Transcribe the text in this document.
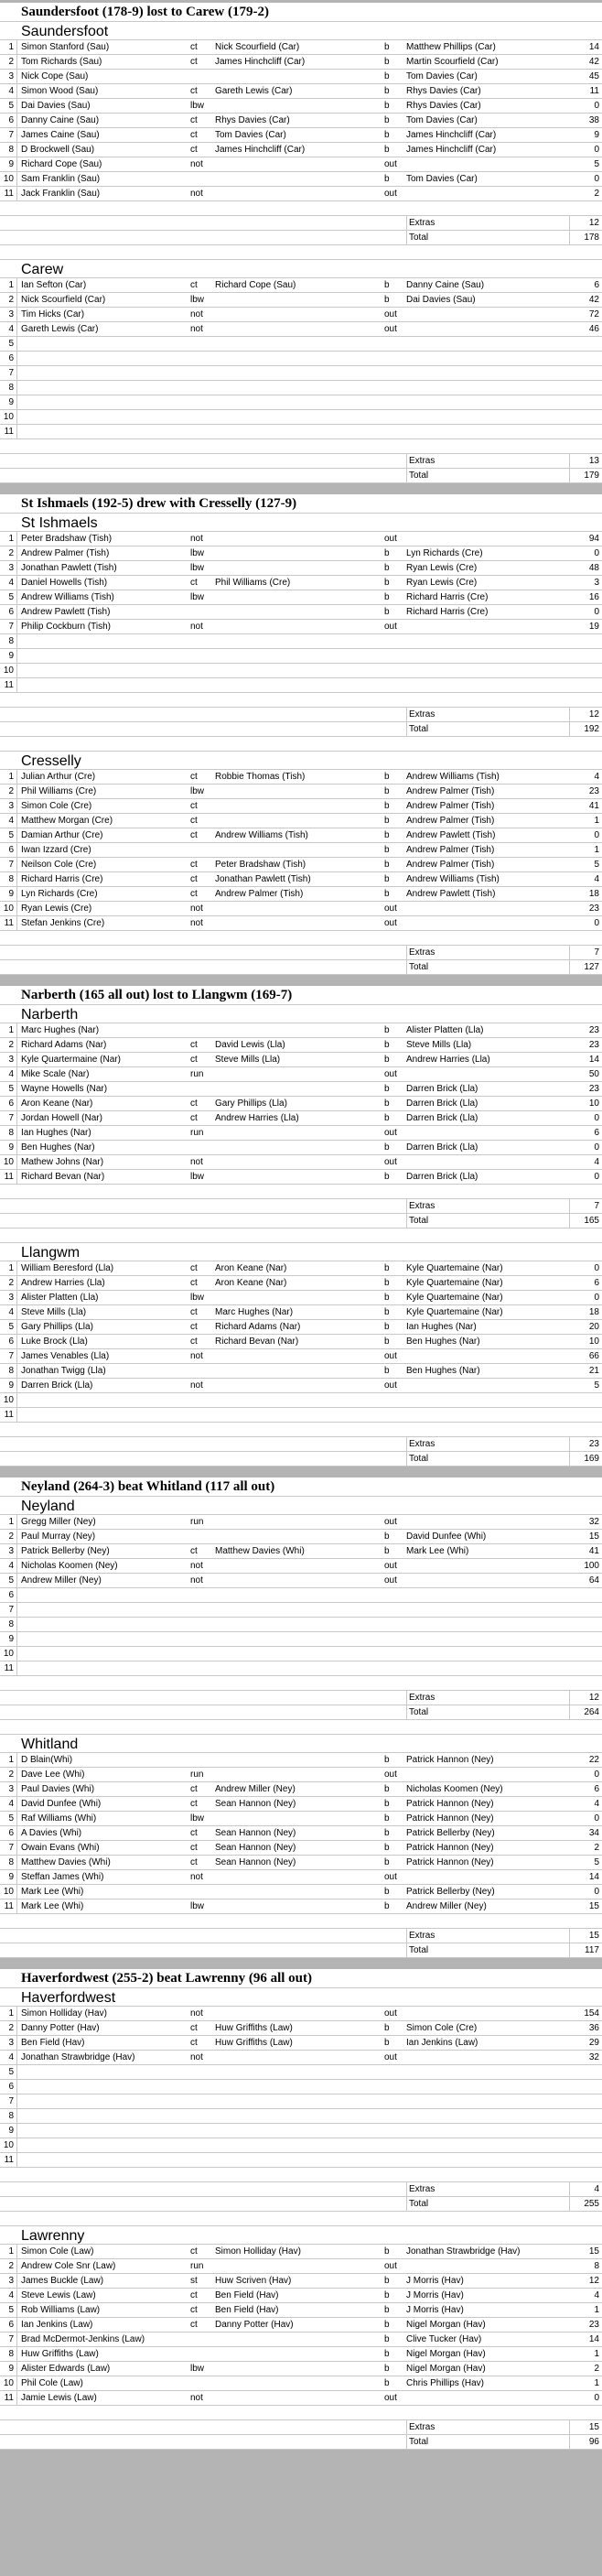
Saundersfoot (178-9) lost to Carew (179-2)
Saundersfoot
1 Simon Stanford (Sau)	ct	Nick Scourfield (Car)	b	Matthew Phillips (Car)	14
2 Tom Richards (Sau)	ct	James Hinchcliff (Car)	b	Martin Scourfield (Car)	42
3 Nick Cope (Sau)	b	Tom Davies (Car)	45
4 Simon Wood (Sau)	ct	Gareth Lewis (Car)	b	Rhys Davies (Car)	11
5 Dai Davies (Sau)	lbw	b	Rhys Davies (Car)	0
6 Danny Caine (Sau)	ct	Rhys Davies (Car)	b	Tom Davies (Car)	38
7 James Caine (Sau)	ct	Tom Davies (Car)	b	James Hinchcliff (Car)	9
8 D Brockwell (Sau)	ct	James Hinchcliff (Car)	b	James Hinchcliff (Car)	0
9 Richard Cope (Sau)	not	out	5
10 Sam Franklin (Sau)	b	Tom Davies (Car)	0
11 Jack Franklin (Sau)	not	out	2
Extras	12
Total	178
Carew
1 Ian Sefton (Car)	ct	Richard Cope (Sau)	b	Danny Caine (Sau)	6
2 Nick Scourfield (Car)	lbw	b	Dai Davies (Sau)	42
3 Tim Hicks (Car)	not	out	72
4 Gareth Lewis (Car)	not	out	46
5
6
7
8
9
10
11
Extras	13
Total	179
St Ishmaels (192-5) drew with Cresselly (127-9)
St Ishmaels
1 Peter Bradshaw (Tish)	not	out	94
2 Andrew Palmer (Tish)	lbw	b	Lyn Richards (Cre)	0
3 Jonathan Pawlett (Tish)	lbw	b	Ryan Lewis (Cre)	48
4 Daniel Howells (Tish)	ct	Phil Williams (Cre)	b	Ryan Lewis (Cre)	3
5 Andrew Williams (Tish)	lbw	b	Richard Harris (Cre)	16
6 Andrew Pawlett (Tish)	b	Richard Harris (Cre)	0
7 Philip Cockburn (Tish)	not	out	19
8
9
10
11
Extras	12
Total	192
Cresselly
1 Julian Arthur (Cre)	ct	Robbie Thomas (Tish)	b	Andrew Williams (Tish)	4
2 Phil Williams (Cre)	lbw	b	Andrew Palmer (Tish)	23
3 Simon Cole (Cre)	ct	b	Andrew Palmer (Tish)	41
4 Matthew Morgan (Cre)	ct	b	Andrew Palmer (Tish)	1
5 Damian Arthur (Cre)	ct	Andrew Williams (Tish)	b	Andrew Pawlett (Tish)	0
6 Iwan Izzard (Cre)	b	Andrew Palmer (Tish)	1
7 Neilson Cole (Cre)	ct	Peter Bradshaw (Tish)	b	Andrew Palmer (Tish)	5
8 Richard Harris (Cre)	ct	Jonathan Pawlett (Tish)	b	Andrew Williams (Tish)	4
9 Lyn Richards (Cre)	ct	Andrew Palmer (Tish)	b	Andrew Pawlett (Tish)	18
10 Ryan Lewis (Cre)	not	out	23
11 Stefan Jenkins (Cre)	not	out	0
Extras	7
Total	127
Narberth (165 all out) lost to Llangwm (169-7)
Narberth
1 Marc Hughes (Nar)	b	Alister Platten (Lla)	23
2 Richard Adams (Nar)	ct	David Lewis (Lla)	b	Steve Mills (Lla)	23
3 Kyle Quartermaine (Nar)	ct	Steve Mills (Lla)	b	Andrew Harries (Lla)	14
4 Mike Scale (Nar)	run	out	50
5 Wayne Howells (Nar)	b	Darren Brick (Lla)	23
6 Aron Keane (Nar)	ct	Gary Phillips (Lla)	b	Darren Brick (Lla)	10
7 Jordan Howell (Nar)	ct	Andrew Harries (Lla)	b	Darren Brick (Lla)	0
8 Ian Hughes (Nar)	run	out	6
9 Ben Hughes (Nar)	b	Darren Brick (Lla)	0
10 Mathew Johns (Nar)	not	out	4
11 Richard Bevan (Nar)	lbw	b	Darren Brick (Lla)	0
Extras	7
Total	165
Llangwm
1 William Beresford (Lla)	ct	Aron Keane (Nar)	b	Kyle Quartemaine (Nar)	0
2 Andrew Harries (Lla)	ct	Aron Keane (Nar)	b	Kyle Quartemaine (Nar)	6
3 Alister Platten (Lla)	lbw	b	Kyle Quartemaine (Nar)	0
4 Steve Mills (Lla)	ct	Marc Hughes (Nar)	b	Kyle Quartemaine (Nar)	18
5 Gary Phillips (Lla)	ct	Richard Adams (Nar)	b	Ian Hughes (Nar)	20
6 Luke Brock (Lla)	ct	Richard Bevan (Nar)	b	Ben Hughes (Nar)	10
7 James Venables (Lla)	not	out	66
8 Jonathan Twigg (Lla)	b	Ben Hughes (Nar)	21
9 Darren Brick (Lla)	not	out	5
10
11
Extras	23
Total	169
Neyland (264-3) beat Whitland (117 all out)
Neyland
1 Gregg Miller (Ney)	run	out	32
2 Paul Murray (Ney)	b	David Dunfee (Whi)	15
3 Patrick Bellerby (Ney)	ct	Matthew Davies (Whi)	b	Mark Lee (Whi)	41
4 Nicholas Koomen (Ney)	not	out	100
5 Andrew Miller (Ney)	not	out	64
6
7
8
9
10
11
Extras	12
Total	264
Whitland
1 D Blain(Whi)	b	Patrick Hannon (Ney)	22
2 Dave Lee (Whi)	run	out	0
3 Paul Davies (Whi)	ct	Andrew Miller (Ney)	b	Nicholas Koomen (Ney)	6
4 David Dunfee (Whi)	ct	Sean Hannon (Ney)	b	Patrick Hannon (Ney)	4
5 Raf Williams (Whi)	lbw	b	Patrick Hannon (Ney)	0
6 A Davies (Whi)	ct	Sean Hannon (Ney)	b	Patrick Bellerby (Ney)	34
7 Owain Evans (Whi)	ct	Sean Hannon (Ney)	b	Patrick Hannon (Ney)	2
8 Matthew Davies (Whi)	ct	Sean Hannon (Ney)	b	Patrick Hannon (Ney)	5
9 Steffan James (Whi)	not	out	14
10 Mark Lee (Whi)	b	Patrick Bellerby (Ney)	0
11 Mark Lee (Whi)	lbw	b	Andrew Miller (Ney)	15
Extras	15
Total	117
Haverfordwest (255-2) beat Lawrenny (96 all out)
Haverfordwest
1 Simon Holliday (Hav)	not	out	154
2 Danny Potter (Hav)	ct	Huw Griffiths (Law)	b	Simon Cole (Cre)	36
3 Ben Field (Hav)	ct	Huw Griffiths (Law)	b	Ian Jenkins (Law)	29
4 Jonathan Strawbridge (Hav)	not	out	32
5
6
7
8
9
10
11
Extras	4
Total	255
Lawrenny
1 Simon Cole (Law)	ct	Simon Holliday (Hav)	b	Jonathan Strawbridge (Hav)	15
2 Andrew Cole Snr (Law)	run	out	8
3 James Buckle (Law)	st	Huw Scriven (Hav)	b	J Morris (Hav)	12
4 Steve Lewis (Law)	ct	Ben Field (Hav)	b	J Morris (Hav)	4
5 Rob Williams (Law)	ct	Ben Field (Hav)	b	J Morris (Hav)	1
6 Ian Jenkins (Law)	ct	Danny Potter (Hav)	b	Nigel Morgan (Hav)	23
7 Brad McDermot-Jenkins (Law)	b	Clive Tucker (Hav)	14
8 Huw Griffiths (Law)	b	Nigel Morgan (Hav)	1
9 Alister Edwards (Law)	lbw	b	Nigel Morgan (Hav)	2
10 Phil Cole (Law)	b	Chris Phillips (Hav)	1
11 Jamie Lewis (Law)	not	out	0
Extras	15
Total	96
